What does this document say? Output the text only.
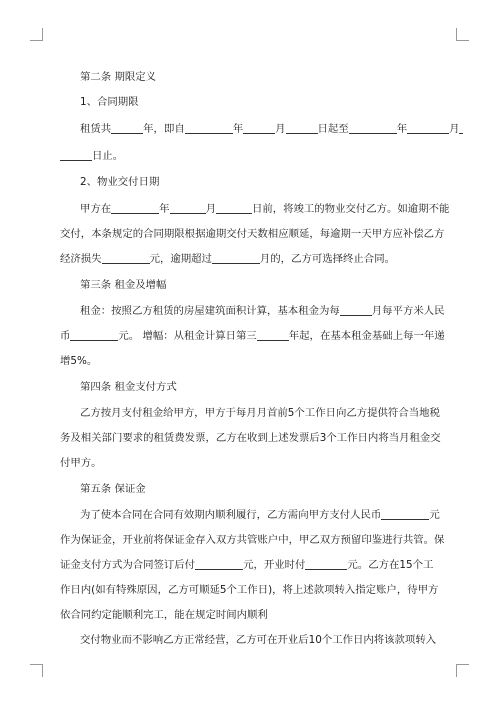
第二条 期限定义
1、合同期限
租赁共	年，即自	年	月	日起至	年	月
日止。
2、物业交付日期
甲方在	年	月	日前，将竣工的物业交付乙方。如逾期不能
交付，本条规定的合同期限根据逾期交付天数相应顺延，每逾期一天甲方应补偿乙方
经济损失	元，逾期超过	月的，乙方可选择终止合同。
第三条 租金及增幅
租金：按照乙方租赁的房屋建筑面积计算，基本租金为每	月每平方米人民
币	元。 增幅：从租金计算日第三	年起，在基本租金基础上每一年递
增5%。
第四条 租金支付方式
乙方按月支付租金给甲方，甲方于每月月首前5个工作日向乙方提供符合当地税
务及相关部门要求的租赁费发票，乙方在收到上述发票后3个工作日内将当月租金交
付甲方。
第五条 保证金
为了使本合同在合同有效期内顺利履行，乙方需向甲方支付人民币	元
作为保证金，开业前将保证金存入双方共管账户中，甲乙双方预留印鉴进行共管。保
证金支付方式为合同签订后付	元，开业时付	元。乙方在15个工
作日内(如有特殊原因，乙方可顺延5个工作日)，将上述款项转入指定账户，待甲方
依合同约定能顺利完工，能在规定时间内顺利
交付物业而不影响乙方正常经营，乙方可在开业后10个工作日内将该款项转入
